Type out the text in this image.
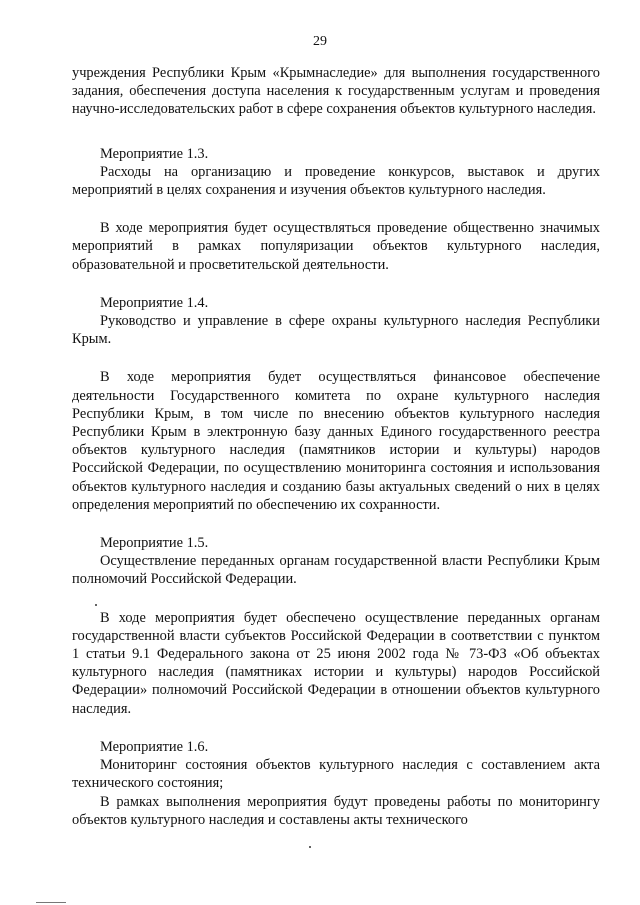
29

учреждения Республики Крым «Крымнаследие» для выполнения государственного задания, обеспечения доступа населения к государственным услугам и проведения научно-исследовательских работ в сфере сохранения объектов культурного наследия.

Мероприятие 1.3.

Расходы на организацию и проведение конкурсов, выставок и других мероприятий в целях сохранения и изучения объектов культурного наследия.

В ходе мероприятия будет осуществляться проведение общественно значимых мероприятий в рамках популяризации объектов культурного наследия, образовательной и просветительской деятельности.

Мероприятие 1.4.

Руководство и управление в сфере охраны культурного наследия Республики Крым.

В ходе мероприятия будет осуществляться финансовое обеспечение деятельности Государственного комитета по охране культурного наследия Республики Крым, в том числе по внесению объектов культурного наследия Республики Крым в электронную базу данных Единого государственного реестра объектов культурного наследия (памятников истории и культуры) народов Российской Федерации, по осуществлению мониторинга состояния и использования объектов культурного наследия и созданию базы актуальных сведений о них в целях определения мероприятий по обеспечению их сохранности.

Мероприятие 1.5.

Осуществление переданных органам государственной власти Республики Крым полномочий Российской Федерации.

В ходе мероприятия будет обеспечено осуществление переданных органам государственной власти субъектов Российской Федерации в соответствии с пунктом 1 статьи 9.1 Федерального закона от 25 июня 2002 года № 73-ФЗ «Об объектах культурного наследия (памятниках истории и культуры) народов Российской Федерации» полномочий Российской Федерации в отношении объектов культурного наследия.

Мероприятие 1.6.

Мониторинг состояния объектов культурного наследия с составлением акта технического состояния;

В рамках выполнения мероприятия будут проведены работы по мониторингу объектов культурного наследия и составлены акты технического
